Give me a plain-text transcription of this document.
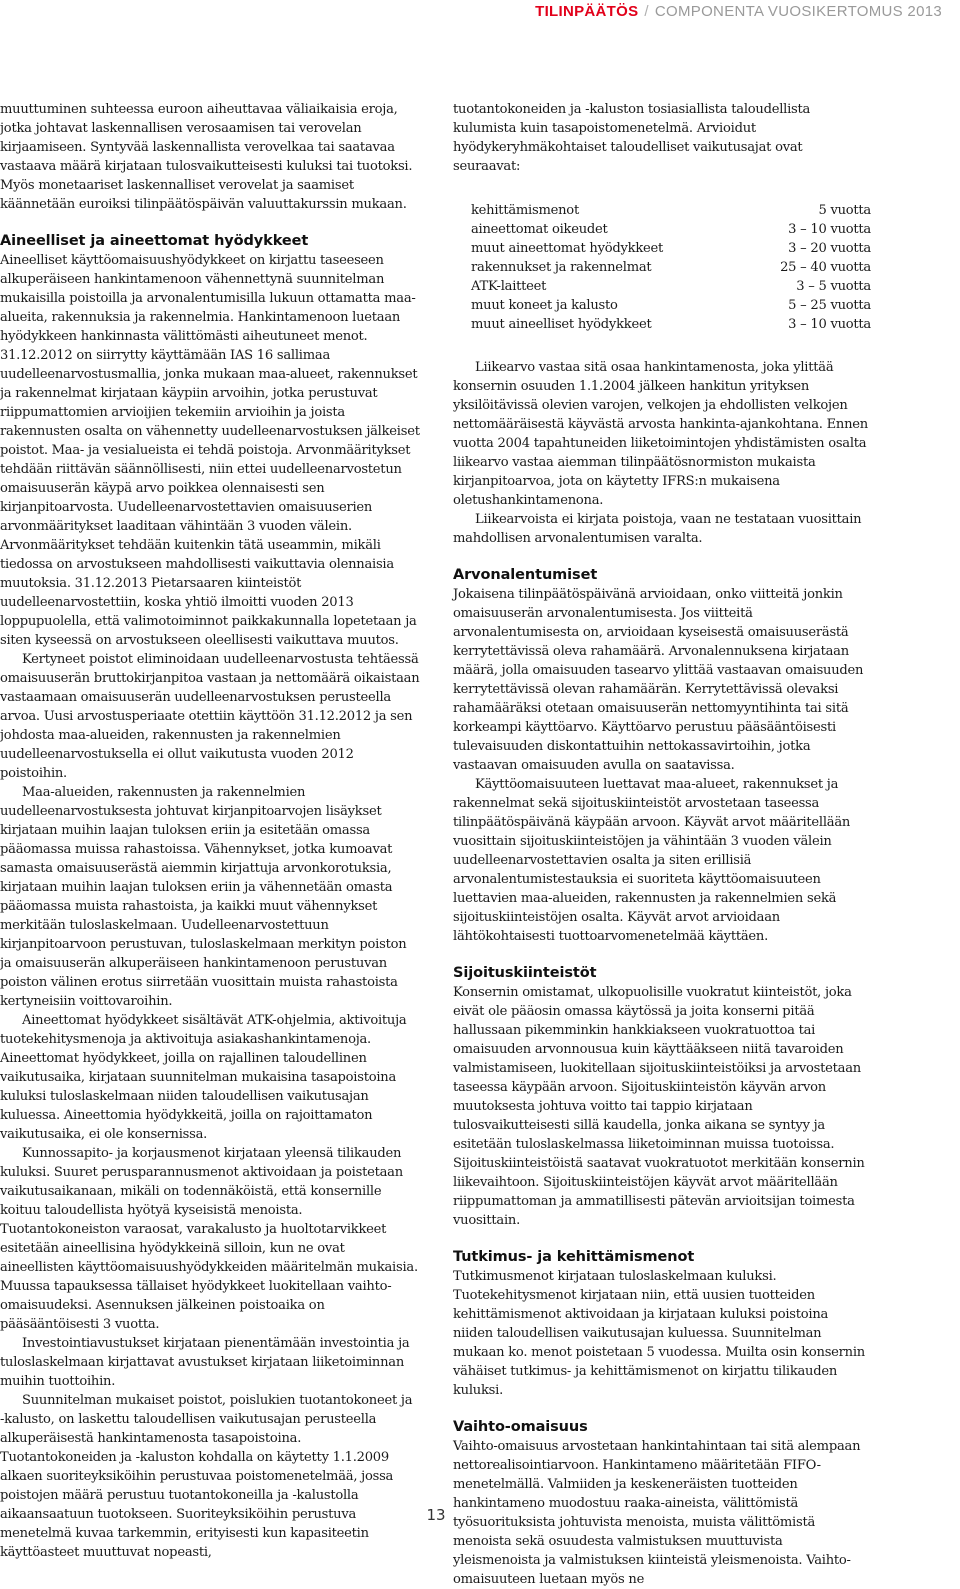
TILINPÄÄTÖS / COMPONENTA VUOSIKERTOMUS 2013

muuttuminen suhteessa euroon aiheuttavaa väliaikaisia eroja, jotka johtavat laskennallisen verosaamisen tai verovelan kirjaamiseen. Syntyvää laskennallista verovelkaa tai saatavaa vastaava määrä kirjataan tulosvaikutteisesti kuluksi tai tuotoksi. Myös monetaariset laskennalliset verovelat ja saamiset käännetään euroiksi tilinpäätöspäivän valuuttakurssin mukaan.

Aineelliset ja aineettomat hyödykkeet

Aineelliset käyttöomaisuushyödykkeet on kirjattu taseeseen alkuperäiseen hankintamenoon vähennettynä suunnitelman mukaisilla poistoilla ja arvonalentumisilla lukuun ottamatta maa-alueita, rakennuksia ja rakennelmia. Hankintamenoon luetaan hyödykkeen hankinnasta välittömästi aiheutuneet menot. 31.12.2012 on siirrytty käyttämään IAS 16 sallimaa uudelleenarvostusmallia, jonka mukaan maa-alueet, rakennukset ja rakennelmat kirjataan käypiin arvoihin, jotka perustuvat riippumattomien arvioijien tekemiin arvioihin ja joista rakennusten osalta on vähennetty uudelleenarvostuksen jälkeiset poistot. Maa- ja vesialueista ei tehdä poistoja. Arvonmääritykset tehdään riittävän säännöllisesti, niin ettei uudelleenarvostetun omaisuuserän käypä arvo poikkea olennaisesti sen kirjanpitoarvosta. Uudelleenarvostettavien omaisuuserien arvonmääritykset laaditaan vähintään 3 vuoden välein. Arvonmääritykset tehdään kuitenkin tätä useammin, mikäli tiedossa on arvostukseen mahdollisesti vaikuttavia olennaisia muutoksia. 31.12.2013 Pietarsaaren kiinteistöt uudelleenarvostettiin, koska yhtiö ilmoitti vuoden 2013 loppupuolella, että valimotoiminnot paikkakunnalla lopetetaan ja siten kyseessä on arvostukseen oleellisesti vaikuttava muutos.

Kertyneet poistot eliminoidaan uudelleenarvostusta tehtäessä omaisuuserän bruttokirjanpitoa vastaan ja nettomäärä oikaistaan vastaamaan omaisuuserän uudelleenarvostuksen perusteella arvoa. Uusi arvostusperiaate otettiin käyttöön 31.12.2012 ja sen johdosta maa-alueiden, rakennusten ja rakennelmien uudelleenarvostuksella ei ollut vaikutusta vuoden 2012 poistoihin.

Maa-alueiden, rakennusten ja rakennelmien uudelleenarvostuksesta johtuvat kirjanpitoarvojen lisäykset kirjataan muihin laajan tuloksen eriin ja esitetään omassa pääomassa muissa rahastoissa. Vähennykset, jotka kumoavat samasta omaisuuserästä aiemmin kirjattuja arvonkorotuksia, kirjataan muihin laajan tuloksen eriin ja vähennetään omasta pääomassa muista rahastoista, ja kaikki muut vähennykset merkitään tuloslaskelmaan. Uudelleenarvostettuun kirjanpitoarvoon perustuvan, tuloslaskelmaan merkityn poiston ja omaisuuserän alkuperäiseen hankintamenoon perustuvan poiston välinen erotus siirretään vuosittain muista rahastoista kertyneisiin voittovaroihin.

Aineettomat hyödykkeet sisältävät ATK-ohjelmia, aktivoituja tuotekehitysmenoja ja aktivoituja asiakashankintamenoja. Aineettomat hyödykkeet, joilla on rajallinen taloudellinen vaikutusaika, kirjataan suunnitelman mukaisina tasapoistoina kuluksi tuloslaskelmaan niiden taloudellisen vaikutusajan kuluessa. Aineettomia hyödykkeitä, joilla on rajoittamaton vaikutusaika, ei ole konsernissa.

Kunnossapito- ja korjausmenot kirjataan yleensä tilikauden kuluksi. Suuret perusparannusmenot aktivoidaan ja poistetaan vaikutusaikanaan, mikäli on todennäköistä, että konsernille koituu taloudellista hyötyä kyseisistä menoista. Tuotantokoneiston varaosat, varakalusto ja huoltotarvikkeet esitetään aineellisina hyödykkeinä silloin, kun ne ovat aineellisten käyttöomaisuushyödykkeiden määritelmän mukaisia. Muussa tapauksessa tällaiset hyödykkeet luokitellaan vaihto-omaisuudeksi. Asennuksen jälkeinen poistoaika on pääsääntöisesti 3 vuotta.

Investointiavustukset kirjataan pienentämään investointia ja tuloslaskelmaan kirjattavat avustukset kirjataan liiketoiminnan muihin tuottoihin.

Suunnitelman mukaiset poistot, poislukien tuotantokoneet ja -kalusto, on laskettu taloudellisen vaikutusajan perusteella alkuperäisestä hankintamenosta tasapoistoina. Tuotantokoneiden ja -kaluston kohdalla on käytetty 1.1.2009 alkaen suoriteyksiköihin perustuvaa poistomenetelmää, jossa poistojen määrä perustuu tuotantokoneilla ja -kalustolla aikaansaatuun tuotokseen. Suoriteyksiköihin perustuva menetelmä kuvaa tarkemmin, erityisesti kun kapasiteetin käyttöasteet muuttuvat nopeasti,

tuotantokoneiden ja -kaluston tosiasiallista taloudellista kulumista kuin tasapoistomenetelmä. Arvioidut hyödykeryhmäkohtaiset taloudelliset vaikutusajat ovat seuraavat:

kehittämismenot	5 vuotta
aineettomat oikeudet	3 – 10 vuotta
muut aineettomat hyödykkeet	3 – 20 vuotta
rakennukset ja rakennelmat	25 – 40 vuotta
ATK-laitteet	3 – 5 vuotta
muut koneet ja kalusto	5 – 25 vuotta
muut aineelliset hyödykkeet	3 – 10 vuotta

Liikearvo vastaa sitä osaa hankintamenosta, joka ylittää konsernin osuuden 1.1.2004 jälkeen hankitun yrityksen yksilöitävissä olevien varojen, velkojen ja ehdollisten velkojen nettomääräisestä käyvästä arvosta hankinta-ajankohtana. Ennen vuotta 2004 tapahtuneiden liiketoimintojen yhdistämisten osalta liikearvo vastaa aiemman tilinpäätösnormiston mukaista kirjanpitoarvoa, jota on käytetty IFRS:n mukaisena oletushankintamenona.

Liikearvoista ei kirjata poistoja, vaan ne testataan vuosittain mahdollisen arvonalentumisen varalta.

Arvonalentumiset

Jokaisena tilinpäätöspäivänä arvioidaan, onko viitteitä jonkin omaisuuserän arvonalentumisesta. Jos viitteitä arvonalentumisesta on, arvioidaan kyseisestä omaisuuserästä kerrytettävissä oleva rahamäärä. Arvonalennuksena kirjataan määrä, jolla omaisuuden tasearvo ylittää vastaavan omaisuuden kerrytettävissä olevan rahamäärän. Kerrytettävissä olevaksi rahamääräksi otetaan omaisuuserän nettomyyntihinta tai sitä korkeampi käyttöarvo. Käyttöarvo perustuu pääsääntöisesti tulevaisuuden diskontattuihin nettokassavirtoihin, jotka vastaavan omaisuuden avulla on saatavissa.

Käyttöomaisuuteen luettavat maa-alueet, rakennukset ja rakennelmat sekä sijoituskiinteistöt arvostetaan taseessa tilinpäätöspäivänä käypään arvoon. Käyvät arvot määritellään vuosittain sijoituskiinteistöjen ja vähintään 3 vuoden välein uudelleenarvostettavien osalta ja siten erillisiä arvonalentumistestauksia ei suoriteta käyttöomaisuuteen luettavien maa-alueiden, rakennusten ja rakennelmien sekä sijoituskiinteistöjen osalta. Käyvät arvot arvioidaan lähtökohtaisesti tuottoarvomenetelmää käyttäen.

Sijoituskiinteistöt

Konsernin omistamat, ulkopuolisille vuokratut kiinteistöt, joka eivät ole pääosin omassa käytössä ja joita konserni pitää hallussaan pikemminkin hankkiakseen vuokratuottoa tai omaisuuden arvonnousua kuin käyttääkseen niitä tavaroiden valmistamiseen, luokitellaan sijoituskiinteistöiksi ja arvostetaan taseessa käypään arvoon. Sijoituskiinteistön käyvän arvon muutoksesta johtuva voitto tai tappio kirjataan tulosvaikutteisesti sillä kaudella, jonka aikana se syntyy ja esitetään tuloslaskelmassa liiketoiminnan muissa tuotoissa. Sijoituskiinteistöistä saatavat vuokratuotot merkitään konsernin liikevaihtoon. Sijoituskiinteistöjen käyvät arvot määritellään riippumattoman ja ammatillisesti pätevän arvioitsijan toimesta vuosittain.

Tutkimus- ja kehittämismenot

Tutkimusmenot kirjataan tuloslaskelmaan kuluksi. Tuotekehitysmenot kirjataan niin, että uusien tuotteiden kehittämismenot aktivoidaan ja kirjataan kuluksi poistoina niiden taloudellisen vaikutusajan kuluessa. Suunnitelman mukaan ko. menot poistetaan 5 vuodessa. Muilta osin konsernin vähäiset tutkimus- ja kehittämismenot on kirjattu tilikauden kuluksi.

Vaihto-omaisuus

Vaihto-omaisuus arvostetaan hankintahintaan tai sitä alempaan nettorealisointiarvoon. Hankintameno määritetään FIFO-menetelmällä. Valmiiden ja keskeneräisten tuotteiden hankintameno muodostuu raaka-aineista, välittömistä työsuorituksista johtuvista menoista, muista välittömistä menoista sekä osuudesta valmistuksen muuttuvista yleismenoista ja valmistuksen kiinteistä yleismenoista. Vaihto-omaisuuteen luetaan myös ne

13
